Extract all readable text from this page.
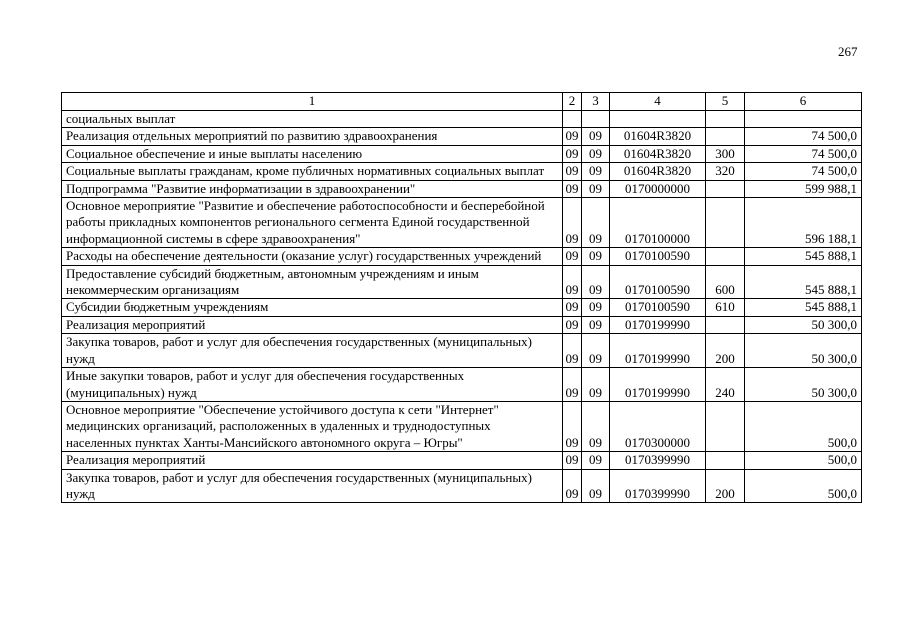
267
1	2	3	4	5	6
социальных выплат					
Реализация отдельных мероприятий по развитию здравоохранения	09	09	01604R3820		74 500,0
Социальное обеспечение и иные выплаты населению	09	09	01604R3820	300	74 500,0
Социальные выплаты гражданам, кроме публичных нормативных социальных выплат	09	09	01604R3820	320	74 500,0
Подпрограмма "Развитие информатизации в здравоохранении"	09	09	0170000000		599 988,1
Основное мероприятие "Развитие и обеспечение работоспособности и бесперебойной работы прикладных компонентов регионального сегмента Единой государственной информационной системы в сфере здравоохранения"	09	09	0170100000		596 188,1
Расходы на обеспечение деятельности (оказание услуг) государственных учреждений	09	09	0170100590		545 888,1
Предоставление субсидий бюджетным, автономным учреждениям и иным некоммерческим организациям	09	09	0170100590	600	545 888,1
Субсидии бюджетным учреждениям	09	09	0170100590	610	545 888,1
Реализация мероприятий	09	09	0170199990		50 300,0
Закупка товаров, работ и услуг для обеспечения государственных (муниципальных) нужд	09	09	0170199990	200	50 300,0
Иные закупки товаров, работ и услуг для обеспечения государственных (муниципальных) нужд	09	09	0170199990	240	50 300,0
Основное мероприятие "Обеспечение устойчивого доступа к сети "Интернет" медицинских организаций, расположенных в удаленных и труднодоступных населенных пунктах Ханты-Мансийского автономного округа – Югры"	09	09	0170300000		500,0
Реализация мероприятий	09	09	0170399990		500,0
Закупка товаров, работ и услуг для обеспечения государственных (муниципальных) нужд	09	09	0170399990	200	500,0
